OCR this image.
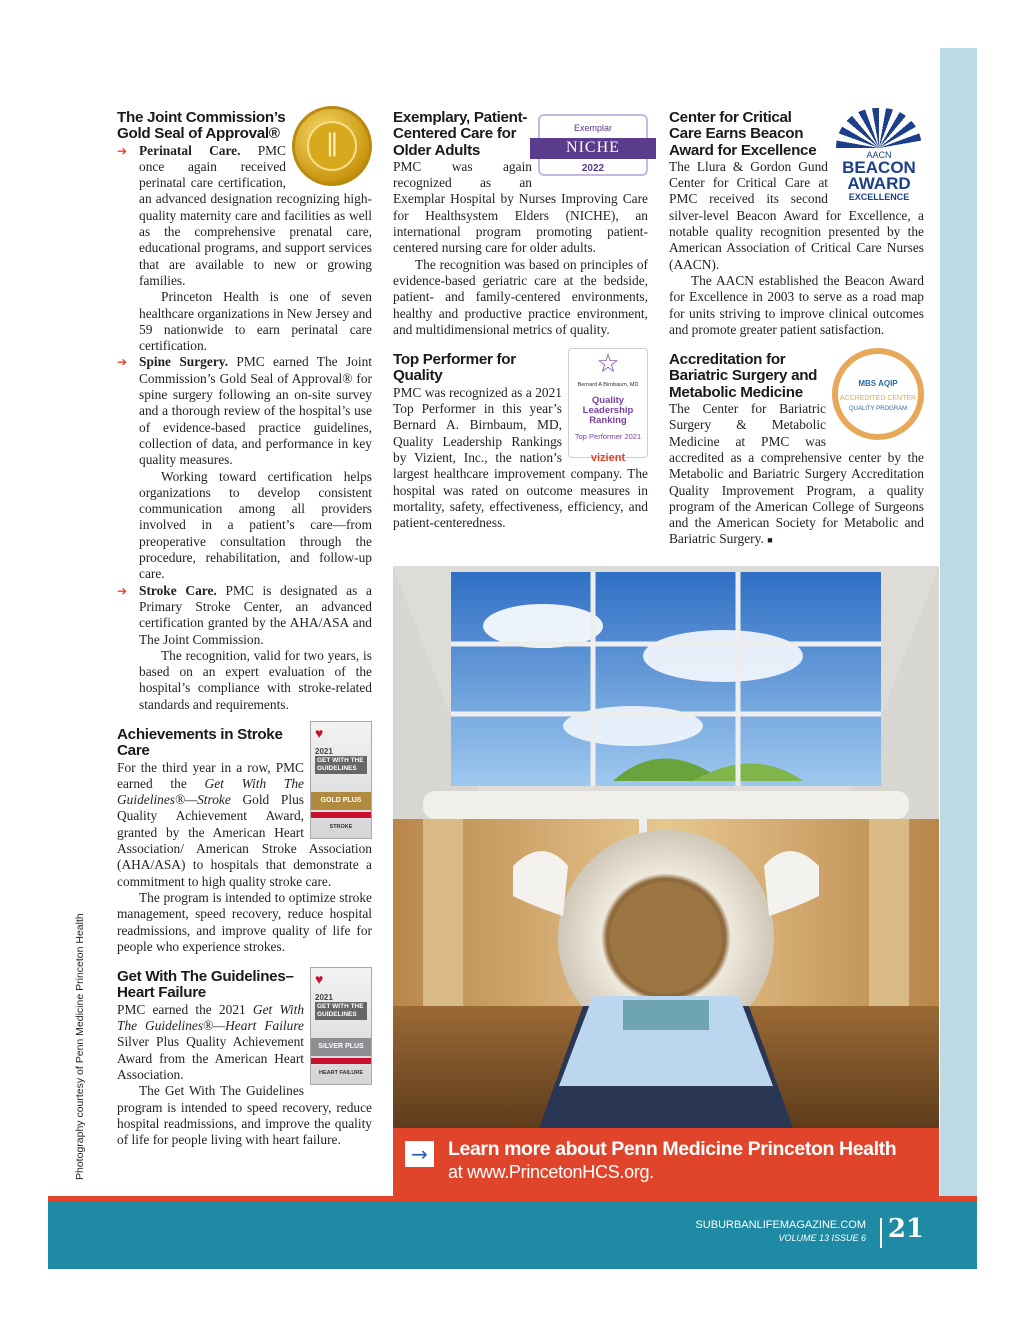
∥
The Joint Commission’s Gold Seal of Approval®
➔ Perinatal Care. PMC once again received perinatal care certification, an advanced designation recognizing high-quality maternity care and facilities as well as the comprehensive prenatal care, educational programs, and support services that are available to new or growing families.

Princeton Health is one of seven healthcare organizations in New Jersey and 59 nationwide to earn perinatal care certification.

➔ Spine Surgery. PMC earned The Joint Commission’s Gold Seal of Approval® for spine surgery following an on-site survey and a thorough review of the hospital’s use of evidence-based practice guidelines, collection of data, and performance in key quality measures.

Working toward certification helps organizations to develop consistent communication among all providers involved in a patient’s care—from preoperative consultation through the procedure, rehabilitation, and follow-up care.

➔ Stroke Care. PMC is designated as a Primary Stroke Center, an advanced certification granted by the AHA/ASA and The Joint Commission.

The recognition, valid for two years, is based on an expert evaluation of the hospital’s compliance with stroke-related standards and requirements.

♥
2021
GET WITH THE GUIDELINES
GOLD PLUS
STROKE
Achievements in Stroke Care

For the third year in a row, PMC earned the Get With The Guidelines®—Stroke Gold Plus Quality Achievement Award, granted by the American Heart Association/ American Stroke Association (AHA/ASA) to hospitals that demonstrate a commitment to high quality stroke care.

The program is intended to optimize stroke management, speed recovery, reduce hospital readmissions, and improve quality of life for people who experience strokes.

♥
2021
GET WITH THE GUIDELINES
SILVER PLUS
HEART FAILURE
Get With The Guidelines–Heart Failure

PMC earned the 2021 Get With The Guidelines®—Heart Failure Silver Plus Quality Achievement Award from the American Heart Association.

The Get With The Guidelines program is intended to speed recovery, reduce hospital readmissions, and improve the quality of life for people living with heart failure.

Exemplar
NICHE
2022
Exemplary, Patient-Centered Care for Older Adults

PMC was again recognized as an Exemplar Hospital by Nurses Improving Care for Healthsystem Elders (NICHE), an international program promoting patient-centered nursing care for older adults.

The recognition was based on principles of evidence-based geriatric care at the bedside, patient- and family-centered environments, healthy and productive practice environment, and multidimensional metrics of quality.

☆
Bernard A Birnbaum, MD
Quality Leadership Ranking
Top Performer 2021
vizient
Top Performer for Quality

PMC was recognized as a 2021 Top Performer in this year’s Bernard A. Birnbaum, MD, Quality Leadership Rankings by Vizient, Inc., the nation’s largest healthcare improvement company. The hospital was rated on outcome measures in mortality, safety, effectiveness, efficiency, and patient-centeredness.

AACN
BEACON
AWARD
EXCELLENCE
Center for Critical Care Earns Beacon Award for Excellence

The Llura & Gordon Gund Center for Critical Care at PMC received its second silver-level Beacon Award for Excellence, a notable quality recognition presented by the American Association of Critical Care Nurses (AACN).

The AACN established the Beacon Award for Excellence in 2003 to serve as a road map for units striving to improve clinical outcomes and promote greater patient satisfaction.

MBS AQIP
ACCREDITED CENTER
QUALITY PROGRAM
Accreditation for Bariatric Surgery and Metabolic Medicine

The Center for Bariatric Surgery & Metabolic Medicine at PMC was accredited as a comprehensive center by the Metabolic and Bariatric Surgery Accreditation Quality Improvement Program, a quality program of the American College of Surgeons and the American Society for Metabolic and Bariatric Surgery. ■

→	Learn more about Penn Medicine Princeton Health
at www.PrincetonHCS.org.
SUBURBANLIFEMAGAZINE.COM
VOLUME 13 ISSUE 6 21
Photography courtesy of Penn Medicine Princeton Health
